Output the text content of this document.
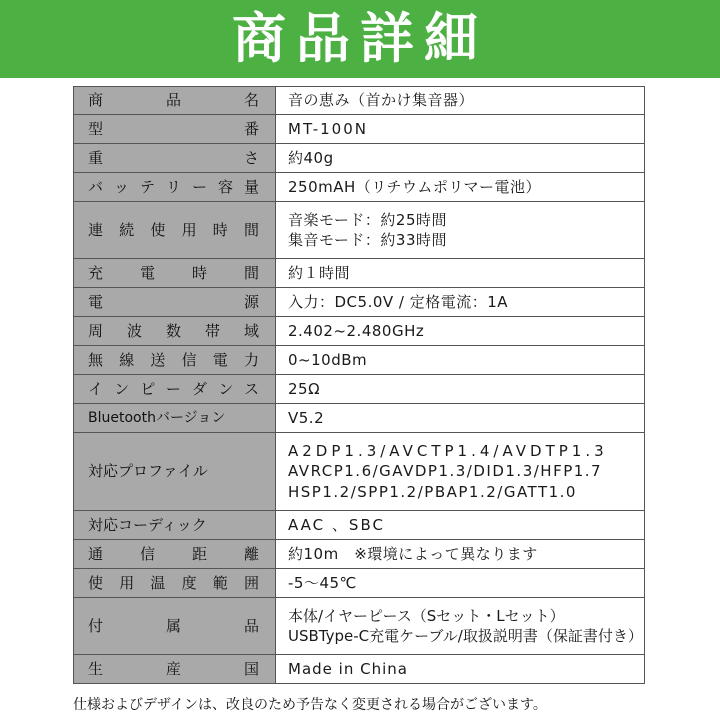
商品詳細
商品名	音の恵み（首かけ集音器）

型番	MT-100N

重さ	約40g

バッテリー容量	250mAH（リチウムポリマー電池）

連続使用時間	音楽モード：約25時間
集音モード：約33時間

充電時間	約１時間

電源	入力：DC5.0V / 定格電流：1A

周波数帯域	2.402~2.480GHz

無線送信電力	0~10dBm

インピーダンス	25Ω

Bluetoothバージョン	V5.2

対応プロファイル	A2DP1.3/AVCTP1.4/AVDTP1.3
AVRCP1.6/GAVDP1.3/DID1.3/HFP1.7
HSP1.2/SPP1.2/PBAP1.2/GATT1.0

対応コーディック	AAC 、SBC

通信距離	約10m　※環境によって異なります

使用温度範囲	-5～45℃

付属品	本体/イヤーピース（Sセット・Lセット）
USBType-C充電ケーブル/取扱説明書（保証書付き）

生産国	Made in China
仕様およびデザインは、改良のため予告なく変更される場合がございます。
